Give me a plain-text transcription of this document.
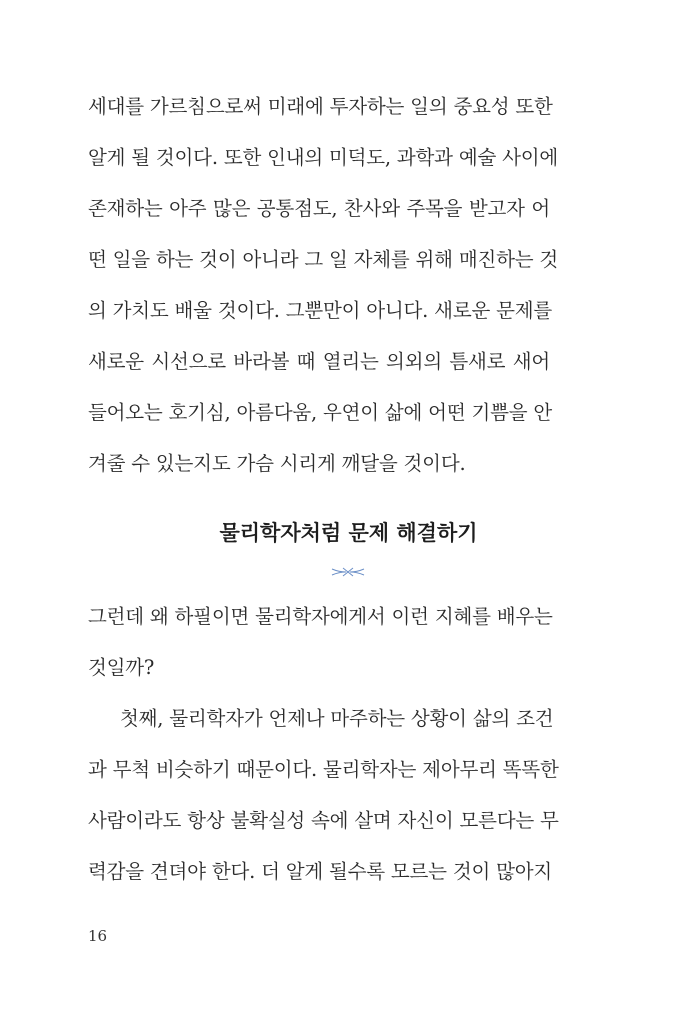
세대를 가르침으로써 미래에 투자하는 일의 중요성 또한
알게 될 것이다. 또한 인내의 미덕도, 과학과 예술 사이에
존재하는 아주 많은 공통점도, 찬사와 주목을 받고자 어
떤 일을 하는 것이 아니라 그 일 자체를 위해 매진하는 것
의 가치도 배울 것이다. 그뿐만이 아니다. 새로운 문제를
새로운 시선으로 바라볼 때 열리는 의외의 틈새로 새어
들어오는 호기심, 아름다움, 우연이 삶에 어떤 기쁨을 안
겨줄 수 있는지도 가슴 시리게 깨달을 것이다.
물리학자처럼 문제 해결하기
그런데 왜 하필이면 물리학자에게서 이런 지혜를 배우는
것일까?
첫째, 물리학자가 언제나 마주하는 상황이 삶의 조건
과 무척 비슷하기 때문이다. 물리학자는 제아무리 똑똑한
사람이라도 항상 불확실성 속에 살며 자신이 모른다는 무
력감을 견뎌야 한다. 더 알게 될수록 모르는 것이 많아지
16
